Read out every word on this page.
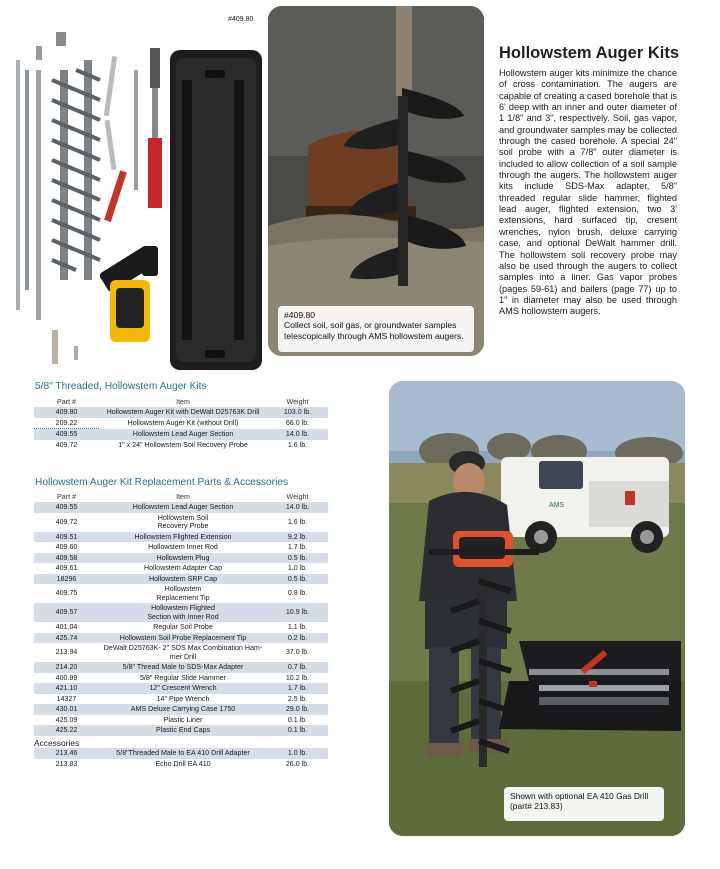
#409.80
#409.80
Collect soil, soil gas, or groundwater samples telescopically through AMS hollowstem augers.
Hollowstem Auger Kits

Hollowstem auger kits minimize the chance of cross contamination. The augers are capable of creating a cased borehole that is 6' deep with an inner and outer diameter of 1 1/8" and 3", respectively. Soil, gas vapor, and groundwater samples may be collected through the cased borehole. A special 24" soil probe with a 7/8" outer diameter is included to allow collection of a soil sample through the augers. The hollowstem auger kits include SDS-Max adapter, 5/8" threaded regular slide hammer, flighted lead auger, flighted extension, two 3' extensions, hard surfaced tip, cresent wrenches, nylon brush, deluxe carrying case, and optional DeWalt hammer drill. The hollowstem soil recovery probe may also be used through the augers to collect samples into a liner. Gas vapor probes (pages 59-61) and bailers (page 77) up to 1" in diameter may also be used through AMS hollowstem augers.

5/8" Threaded, Hollowstem Auger Kits
Part #	Item	Weight
409.80	Hollowstem Auger Kit with DeWalt D25763K Drill	103.0 lb.
209.22	Hollowstem Auger Kit (without Drill)	66.0 lb.
409.55	Hollowstem Lead Auger Section	14.0 lb.
409.72	1" x 24" Hollowstem Soil Recovery Probe	1.6 lb.
Hollowstem Auger Kit Replacement Parts & Accessories
Part #	Item	Weight
409.55	Hollowstem Lead Auger Section	14.0 lb.
409.72	Hollowstem Soil
Recovery Probe	1.6 lb.
409.51	Hollowstem Flighted Extension	9.2 lb.
409.60	Hollowstem Inner Rod	1.7 lb.
409.58	Hollowstem Plug	0.5 lb.
409.61	Hollowstem Adapter Cap	1.0 lb.
18296	Hollowstem SRP Cap	0.5 lb.
409.75	Hollowstem
Replacement Tip	0.8 lb.
409.57	Hollowstem Flighted
Section with Inner Rod	10.9 lb.
401.04	Regular Soil Probe	1.1 lb.
425.74	Hollowstem Soil Probe Replacement Tip	0.2 lb.
213.94	DeWalt D25763K- 2" SDS Max Combination Ham-
mer Drill	37.0 lb.
214.20	5/8" Thread Male to SDS-Max Adapter	0.7 lb.
400.99	5/8" Regular Slide Hammer	10.2 lb.
421.10	12" Crescent Wrench	1.7 lb.
14327	14" Pipe Wrench	2.5 lb.
430.01	AMS Deluxe Carrying Case 1750	29.0 lb.
425.09	Plastic Liner	0.1 lb.
425.22	Plastic End Caps	0.1 lb.
Accessories		
213.46	5/8"Threaded Male to EA 410 Drill Adapter	1.0 lb.
213.83	Echo Drill EA 410	26.0 lb.
AMS
Shown with optional EA 410 Gas Drill (part# 213.83)
